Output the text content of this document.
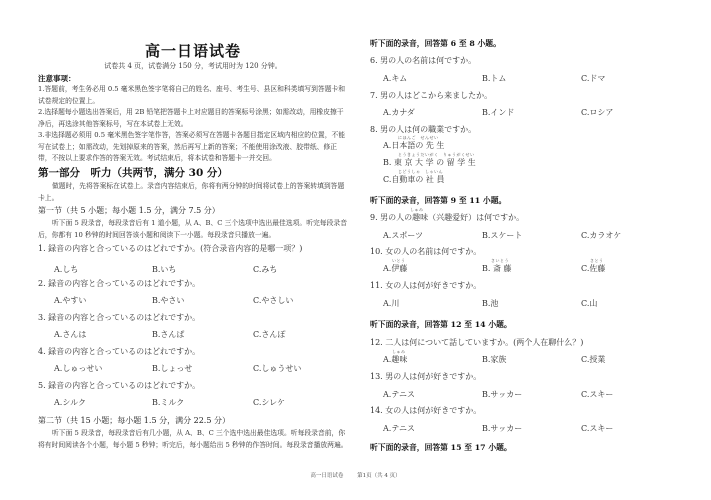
高一日语试卷
试卷共 4 页，试卷满分 150 分，考试用时为 120 分钟。
注意事项：
1.答题前，考生务必用 0.5 毫米黑色签字笔将自己的姓名、座号、考生号、县区和科类填写到答题卡和试卷规定的位置上。
2.选择题每小题选出答案后，用 2B 铅笔把答题卡上对应题目的答案标号涂黑；如需改动，用橡皮擦干净后，再选涂其他答案标号，写在本试卷上无效。
3.非选择题必须用 0.5 毫米黑色签字笔作答，答案必须写在答题卡各题目指定区域内相应的位置，不能写在试卷上；如需改动，先划掉原来的答案，然后再写上新的答案；不能使用涂改液、胶带纸、修正带，不按以上要求作答的答案无效。考试结束后，将本试卷和答题卡一并交回。
第一部分　听力（共两节，满分 30 分）
做题时，先将答案标在试卷上。录音内容结束后，你将有两分钟的时间将试卷上的答案转填到答题卡上。
第一节（共 5 小题；每小题 1.5 分，满分 7.5 分）
听下面 5 段录音，每段录音后有 1 道小题，从 A、B、C 三个选项中选出最佳选项。听完每段录音后，你都有 10 秒钟的时间回答该小题和阅读下一小题。每段录音只播放一遍。
1. 録音の内容と合っているのはどれですか。(符合录音内容的是哪一项？)
A.しち	B.いち	C.みち
2. 録音の内容と合っているのはどれですか。
A.やすい	B.やさい	C.やさしい
3. 録音の内容と合っているのはどれですか。
A.さんは	B.さんぱ	C.さんぽ
4. 録音の内容と合っているのはどれですか。
A.しゅっせい	B.しょっせ	C.しゅうせい
5. 録音の内容と合っているのはどれですか。
A.シルク	B.ミルク	C.シレケ
第二节（共 15 小题；每小题 1.5 分，满分 22.5 分）
听下面 5 段录音，每段录音后有几小题，从 A、B、C 三个选中选出最佳选项。听每段录音前，你将有时间阅读各个小题，每小题 5 秒钟；听完后，每小题给出 5 秒钟的作答时间。每段录音播放两遍。
听下面的录音，回答第 6 至 8 小题。
6. 男の人の名前は何ですか。
A.キム	B.トム	C.ドマ
7. 男の人はどこから来ましたか。
A.カナダ	B.インド	C.ロシア
8. 男の人は何の職業ですか。
にほんご　せんせい
A.日本語の 先 生
とうきょうだいがく　りゅうがくせい
B. 東 京 大 学 の 留 学 生
じどうしゃ　しゃいん
C.自動車の 社 員
听下面的录音，回答第 9 至 11 小题。
しゅみ
9. 男の人の趣味（兴趣爱好）は何ですか。
A.スポーツ	B.スケート	C.カラオケ
10. 女の人の名前は何ですか。
いとう	さいとう	さとう
A.伊藤	B. 斎 藤	C.佐藤
11. 女の人は何が好きですか。
A.川	B.池	C.山
听下面的录音，回答第 12 至 14 小题。
12. 二人は何について話していますか。(两个人在聊什么？)
しゅみ
A.趣味	B.家族	C.授業
13. 男の人は何が好きですか。
A.テニス	B.サッカー	C.スキー
14. 女の人は何が好きですか。
A.テニス	B.サッカー	C.スキー
听下面的录音，回答第 15 至 17 小题。
高一日语试卷	第1页（共 4 页）
